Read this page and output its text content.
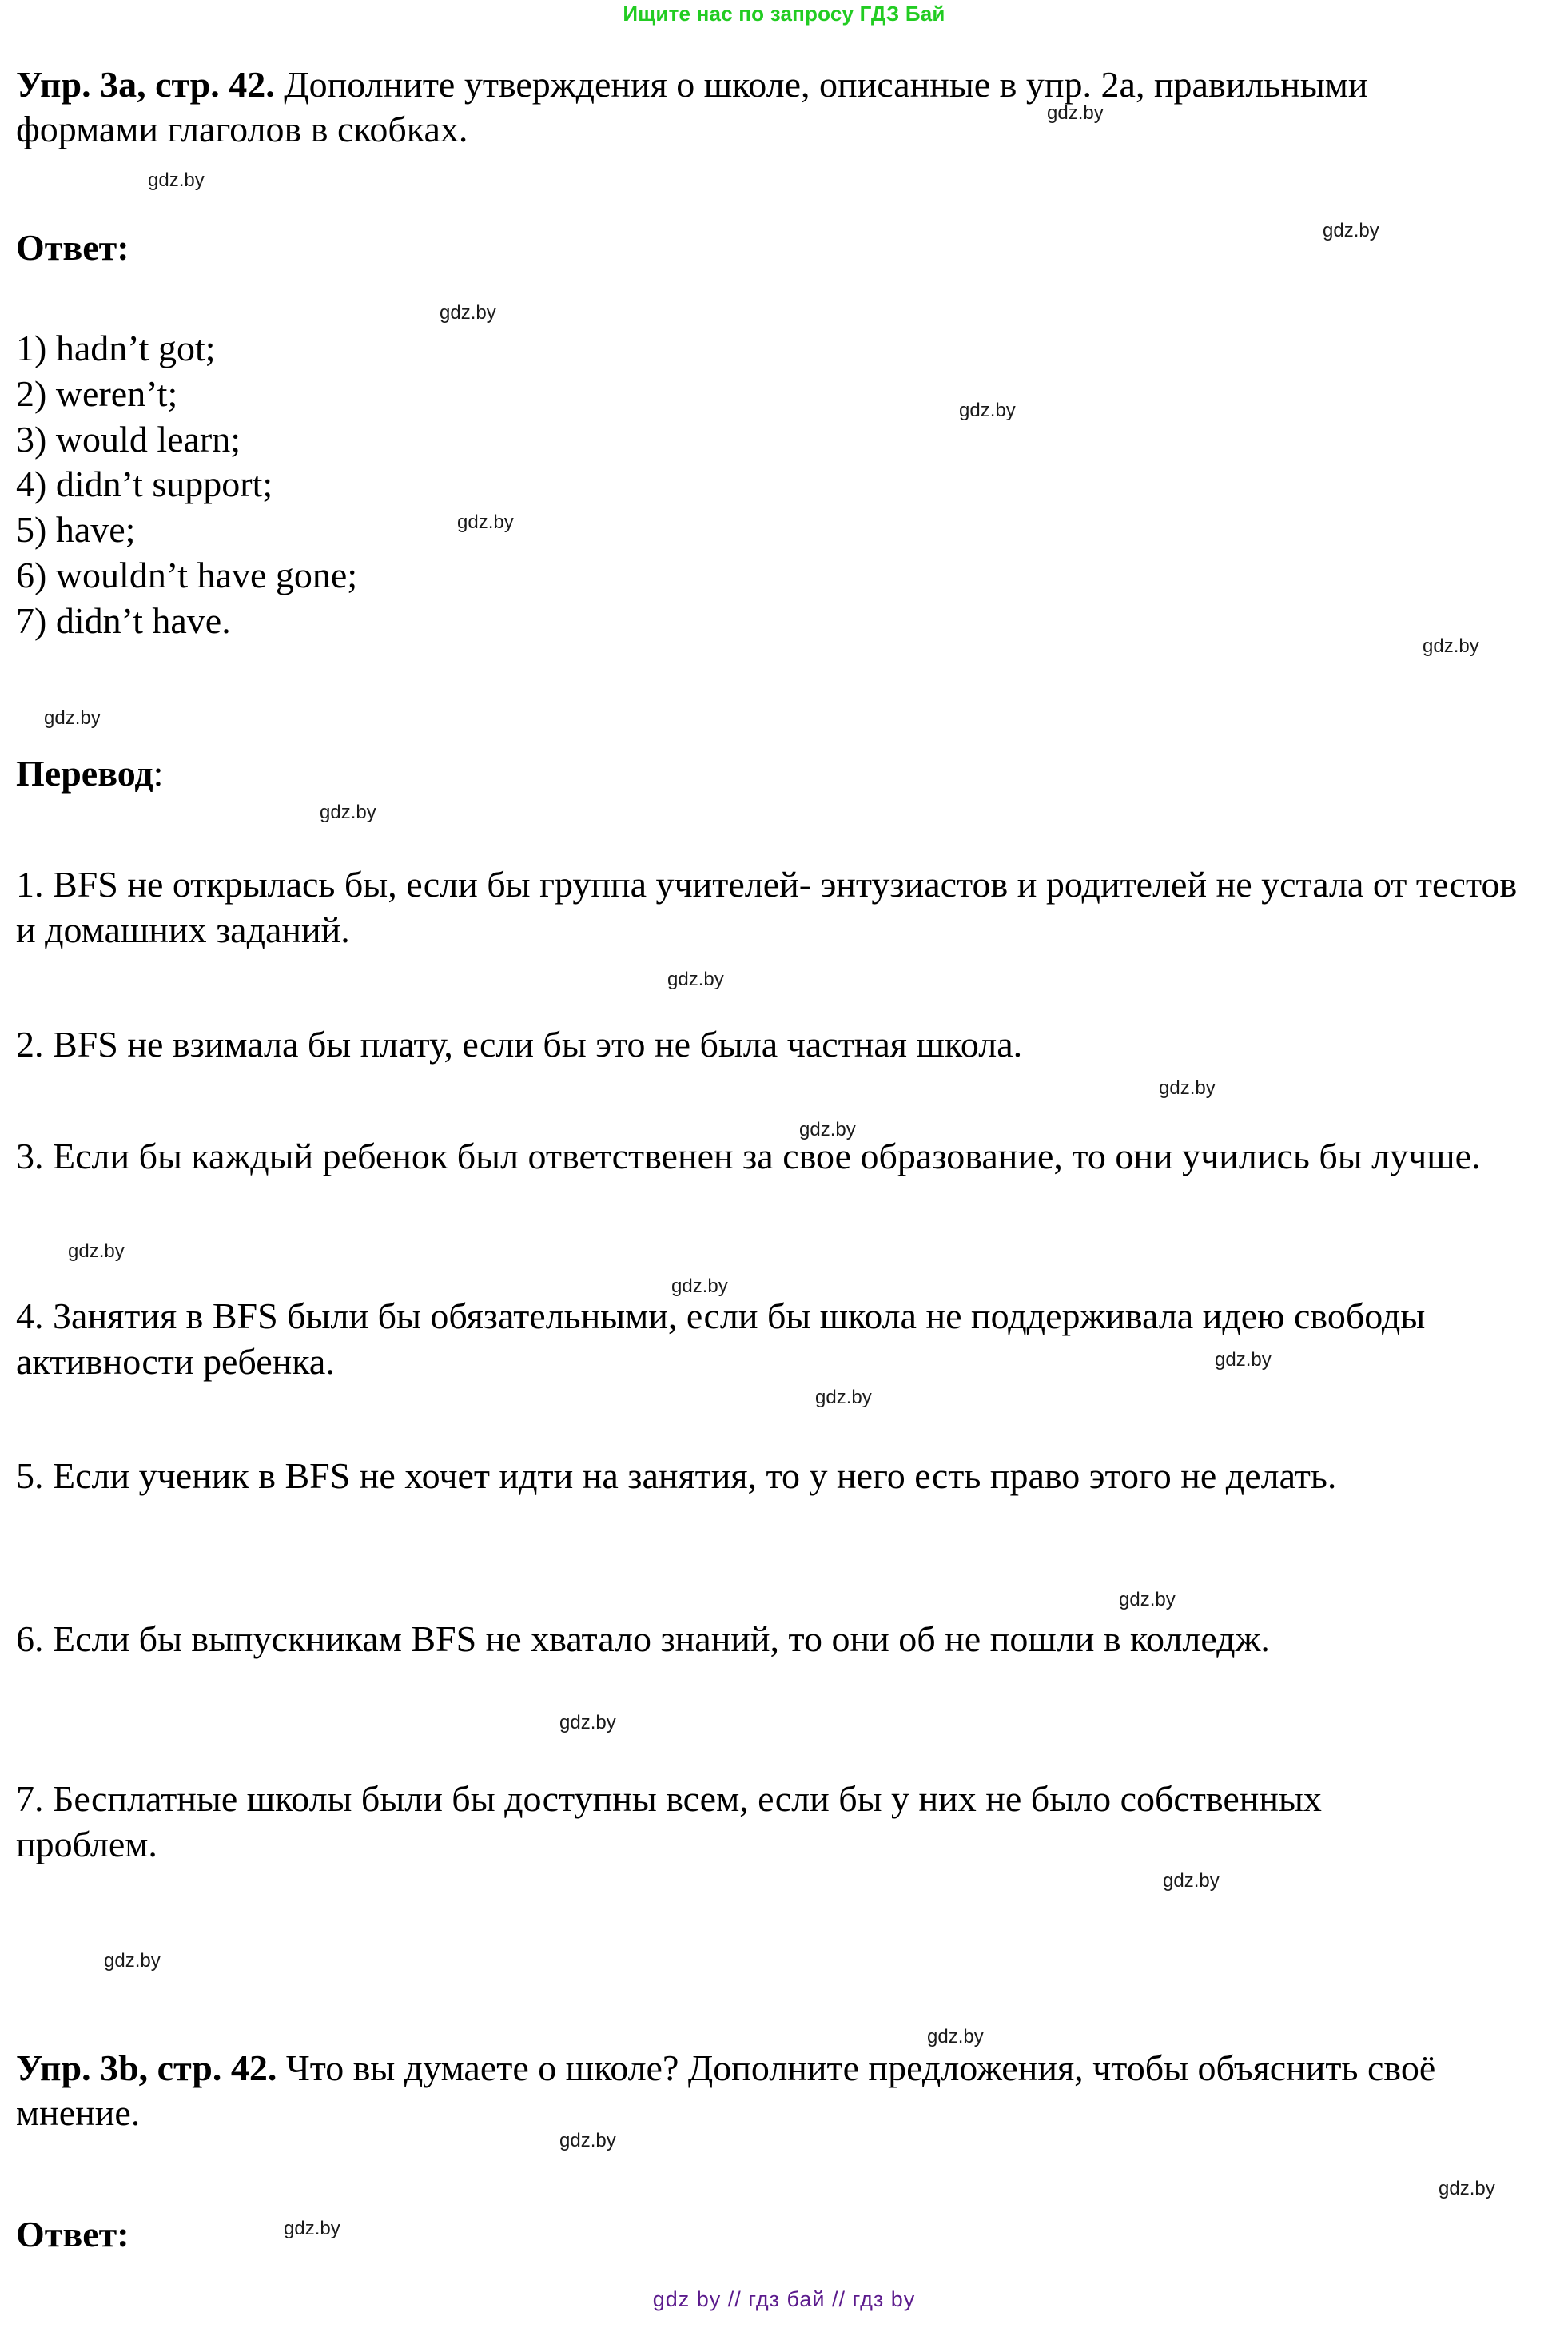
Ищите нас по запросу ГДЗ Бай

Упр. 3a, стр. 42. Дополните утверждения о школе, описанные в упр. 2a, правильными формами глаголов в скобках.

Ответ:

1) hadn’t got;
2) weren’t;
3) would learn;
4) didn’t support;
5) have;
6) wouldn’t have gone;
7) didn’t have.

Перевод:

1. BFS не открылась бы, если бы группа учителей- энтузиастов и родителей не устала от тестов и домашних заданий.

2. BFS не взимала бы плату, если бы это не была частная школа.

3. Если бы каждый ребенок был ответственен за свое образование, то они учились бы лучше.

4. Занятия в BFS были бы обязательными, если бы школа не поддерживала идею свободы активности ребенка.

5. Если ученик в BFS не хочет идти на занятия, то у него есть право этого не делать.

6. Если бы выпускникам BFS не хватало знаний, то они об не пошли в колледж.

7. Бесплатные школы были бы доступны всем, если бы у них не было собственных проблем.

Упр. 3b, стр. 42. Что вы думаете о школе? Дополните предложения, чтобы объяснить своё мнение.

Ответ:

gdz.by
gdz.by
gdz.by
gdz.by
gdz.by
gdz.by
gdz.by
gdz.by
gdz.by
gdz.by
gdz.by
gdz.by
gdz.by
gdz.by
gdz.by
gdz.by
gdz.by
gdz.by
gdz.by
gdz.by
gdz.by
gdz.by
gdz.by
gdz.by
gdz by // гдз бай // гдз by
